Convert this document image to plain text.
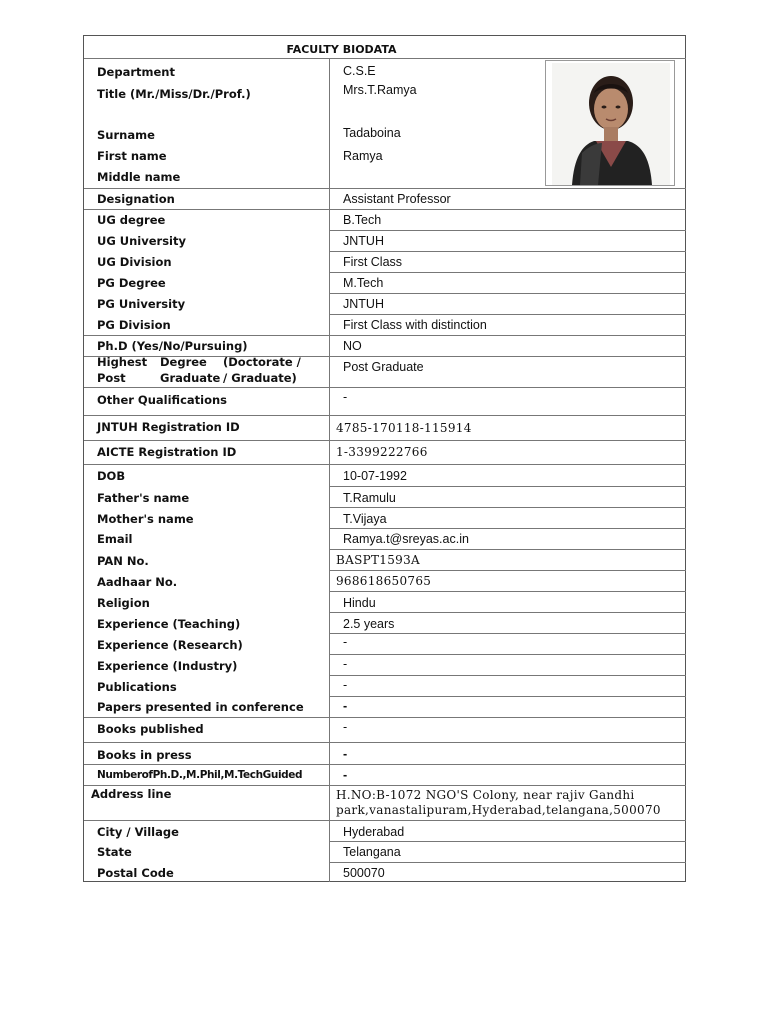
FACULTY BIODATA
Department
Title (Mr./Miss/Dr./Prof.)
Surname
First name
Middle name
Designation
UG degree
UG University
UG Division
PG Degree
PG University
PG Division
Ph.D (Yes/No/Pursuing)
Highest Degree (Doctorate /
Post	Graduate / Graduate)
Other Qualifications
JNTUH Registration ID
AICTE Registration ID
DOB
Father's name
Mother's name
Email
PAN No.
Aadhaar No.
Religion
Experience (Teaching)
Experience (Research)
Experience (Industry)
Publications
Papers presented in conference
Books published
Books in press
NumberofPh.D.,M.Phil,M.TechGuided
Address line
City / Village
State
Postal Code
C.S.E
Mrs.T.Ramya
Tadaboina
Ramya
Assistant Professor
B.Tech
JNTUH
First Class
M.Tech
JNTUH
First Class with distinction
NO
Post Graduate
-
4785-170118-115914
1-3399222766
10-07-1992
T.Ramulu
T.Vijaya
Ramya.t@sreyas.ac.in
BASPT1593A
968618650765
Hindu
2.5 years
-
-
-
-
-
-
-
H.NO:B-1072 NGO'S Colony, near rajiv Gandhi
park,vanastalipuram,Hyderabad,telangana,500070
Hyderabad
Telangana
500070
